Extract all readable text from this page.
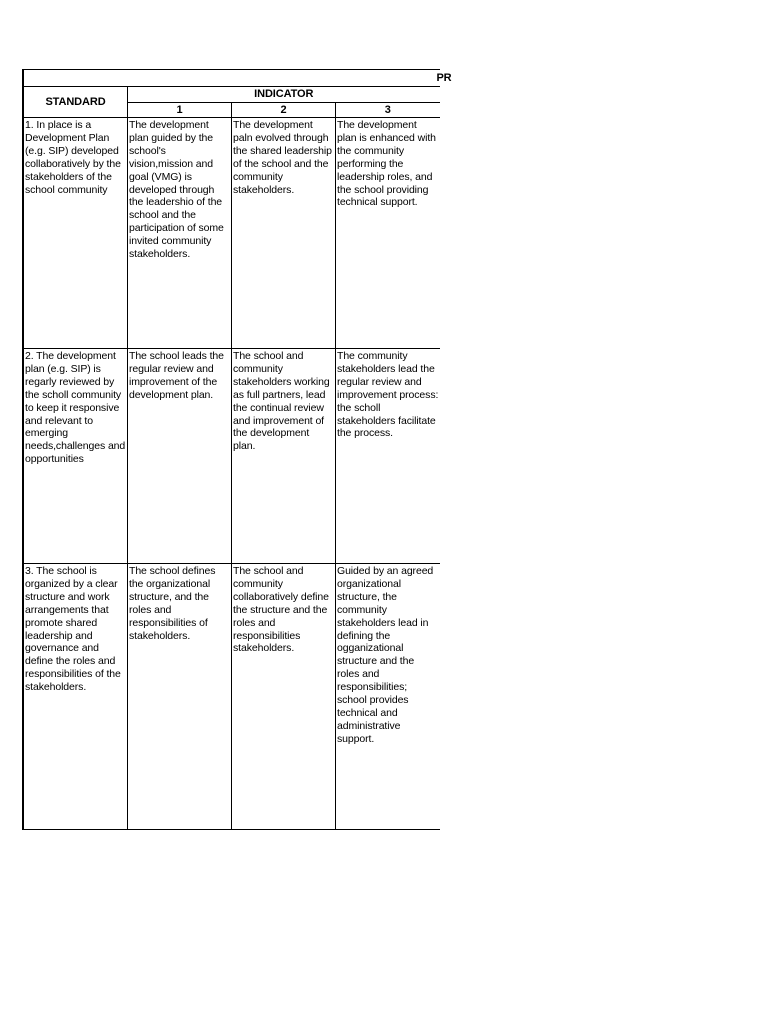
PR			
STANDARD	INDICATOR		
	1	2	3
1. In place is a Development Plan (e.g. SIP) developed collaboratively by the stakeholders of the school community	The development plan guided by the school's vision,mission and goal (VMG) is developed through the leadershio of the school and the participation of some invited community stakeholders.	The development paln evolved through the shared leadership of the school and the community stakeholders.	The development plan is enhanced with the community performing the leadership roles, and the school providing technical support.
2. The development plan (e.g. SIP) is regarly reviewed by the scholl community to keep it responsive and relevant to emerging needs,challenges and opportunities	The school leads the regular review and improvement of the development plan.	The school and community stakeholders working as full partners, lead the continual review and improvement of the development plan.	The community stakeholders lead the regular review and improvement process: the scholl stakeholders facilitate the process.
3. The school is organized by a clear structure and work arrangements that promote shared leadership and governance and define the roles and responsibilities of the stakeholders.	The school defines the organizational structure, and the roles and responsibilities of stakeholders.	The school and community collaboratively define the structure and the roles and responsibilities stakeholders.	Guided by an agreed organizational structure, the community stakeholders lead in defining the ogganizational structure and the roles and responsibilities; school provides technical and administrative support.
